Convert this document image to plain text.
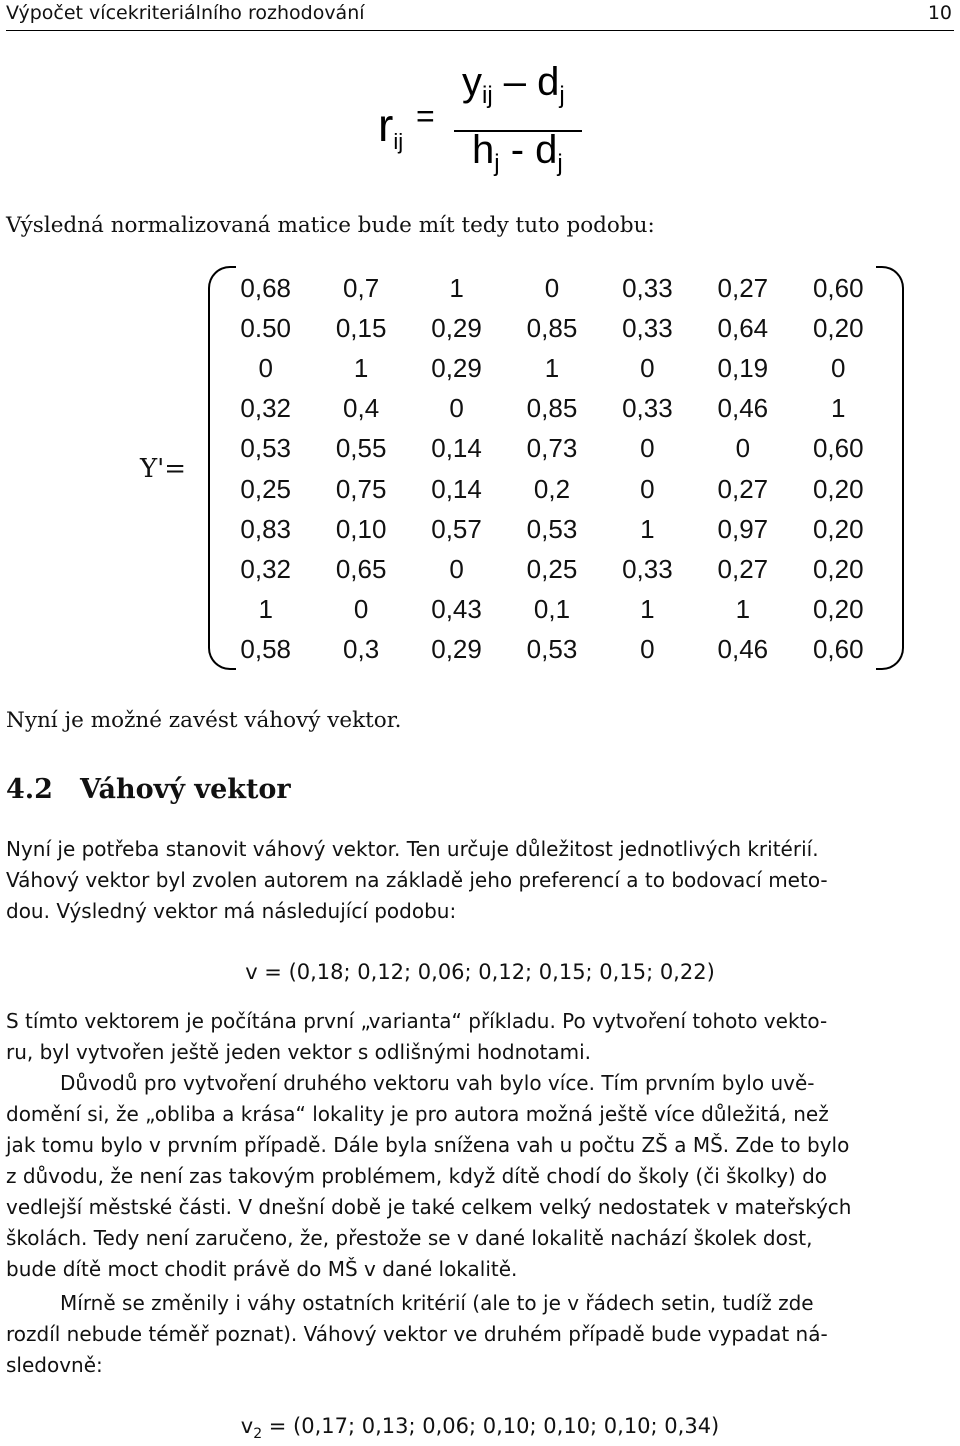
Výpočet vícekriteriálního rozhodování	10
$r_{ij}$
=
$y_{ij} - d_j$
$h_j - d_j$
Výsledná normalizovaná matice bude mít tedy tuto podobu:
Y'=
0,68	0,7	1	0	0,33	0,27	0,60
0.50	0,15	0,29	0,85	0,33	0,64	0,20
0	1	0,29	1	0	0,19	0
0,32	0,4	0	0,85	0,33	0,46	1
0,53	0,55	0,14	0,73	0	0	0,60
0,25	0,75	0,14	0,2	0	0,27	0,20
0,83	0,10	0,57	0,53	1	0,97	0,20
0,32	0,65	0	0,25	0,33	0,27	0,20
1	0	0,43	0,1	1	1	0,20
0,58	0,3	0,29	0,53	0	0,46	0,60
Nyní je možné zavést váhový vektor.
4.2 Váhový vektor
Nyní je potřeba stanovit váhový vektor. Ten určuje důležitost jednotlivých kritérií.
Váhový vektor byl zvolen autorem na základě jeho preferencí a to bodovací meto-
dou. Výsledný vektor má následující podobu:
v = (0,18; 0,12; 0,06; 0,12; 0,15; 0,15; 0,22)
S tímto vektorem je počítána první „varianta“ příkladu. Po vytvoření tohoto vekto-
ru, byl vytvořen ještě jeden vektor s odlišnými hodnotami.
Důvodů pro vytvoření druhého vektoru vah bylo více. Tím prvním bylo uvě-
domění si, že „obliba a krása“ lokality je pro autora možná ještě více důležitá, než
jak tomu bylo v prvním případě. Dále byla snížena vah u počtu ZŠ a MŠ. Zde to bylo
z důvodu, že není zas takovým problémem, když dítě chodí do školy (či školky) do
vedlejší městské části. V dnešní době je také celkem velký nedostatek v mateřských
školách. Tedy není zaručeno, že, přestože se v dané lokalitě nachází školek dost,
bude dítě moct chodit právě do MŠ v dané lokalitě.
Mírně se změnily i váhy ostatních kritérií (ale to je v řádech setin, tudíž zde
rozdíl nebude téměř poznat). Váhový vektor ve druhém případě bude vypadat ná-
sledovně:
$v_2 = (0,17$; 0,13; 0,06; 0,10; 0,10; 0,10; 0,34)
